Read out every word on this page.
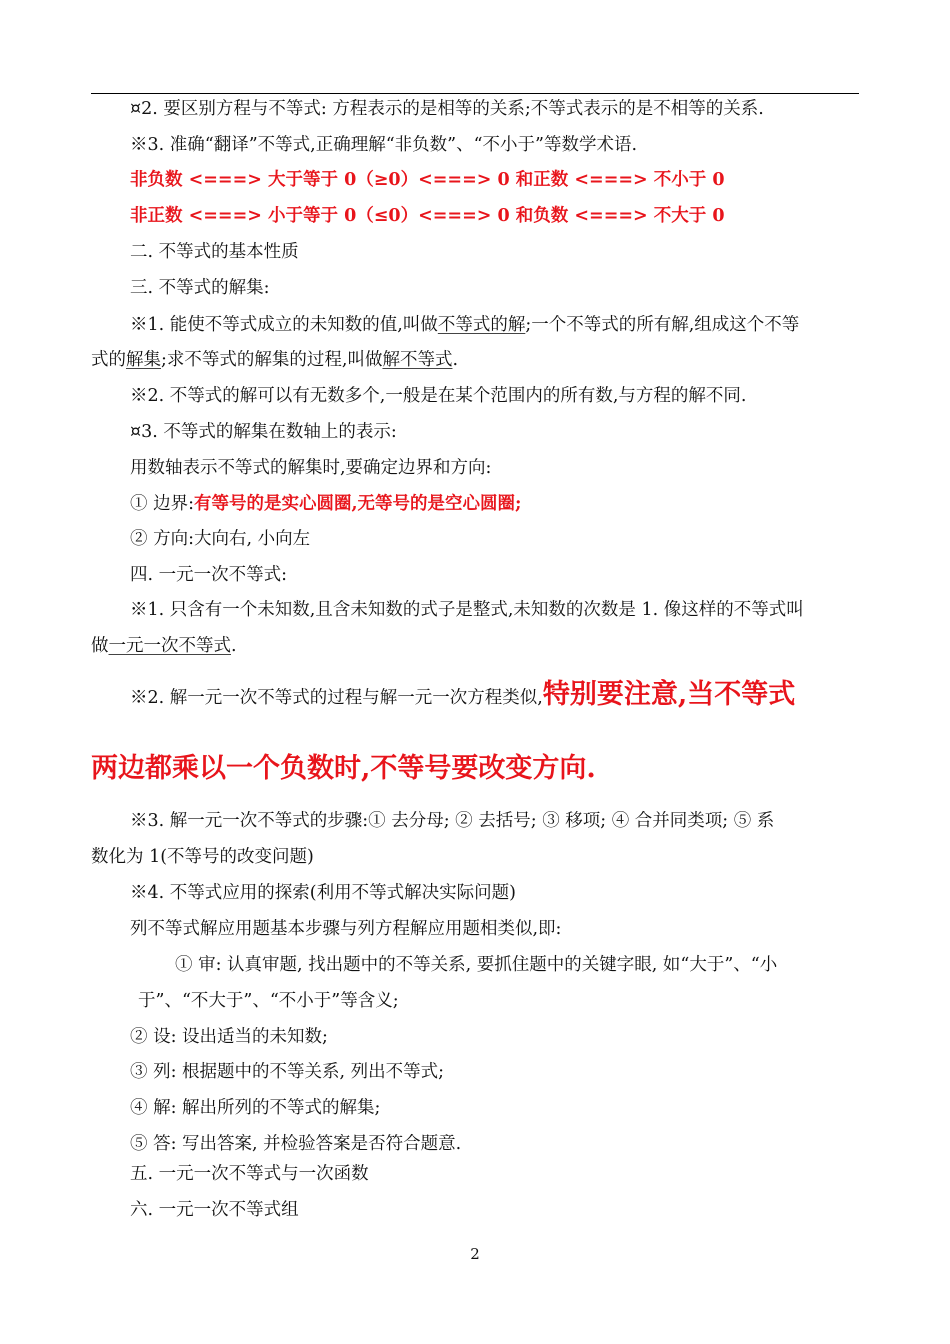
¤2. 要区别方程与不等式: 方程表示的是相等的关系;不等式表示的是不相等的关系.
※3. 准确“翻译”不等式,正确理解“非负数”、“不小于”等数学术语.
非负数 <===> 大于等于 0（≥0）<===> 0 和正数 <===> 不小于 0
非正数 <===> 小于等于 0（≤0）<===> 0 和负数 <===> 不大于 0
二. 不等式的基本性质
三. 不等式的解集:
※1. 能使不等式成立的未知数的值,叫做不等式的解;一个不等式的所有解,组成这个不等
式的解集;求不等式的解集的过程,叫做解不等式.
※2. 不等式的解可以有无数多个,一般是在某个范围内的所有数,与方程的解不同.
¤3. 不等式的解集在数轴上的表示:
用数轴表示不等式的解集时,要确定边界和方向:
① 边界:有等号的是实心圆圈,无等号的是空心圆圈;
② 方向:大向右, 小向左
四. 一元一次不等式:
※1. 只含有一个未知数,且含未知数的式子是整式,未知数的次数是 1. 像这样的不等式叫
做一元一次不等式.
※2. 解一元一次不等式的过程与解一元一次方程类似,特别要注意,当不等式
两边都乘以一个负数时,不等号要改变方向.
※3. 解一元一次不等式的步骤:① 去分母; ② 去括号; ③ 移项; ④ 合并同类项; ⑤ 系
数化为 1(不等号的改变问题)
※4. 不等式应用的探索(利用不等式解决实际问题)
列不等式解应用题基本步骤与列方程解应用题相类似,即:
① 审: 认真审题, 找出题中的不等关系, 要抓住题中的关键字眼, 如“大于”、“小
于”、“不大于”、“不小于”等含义;
② 设: 设出适当的未知数;
③ 列: 根据题中的不等关系, 列出不等式;
④ 解: 解出所列的不等式的解集;
⑤ 答: 写出答案, 并检验答案是否符合题意.
五. 一元一次不等式与一次函数
六. 一元一次不等式组
2
